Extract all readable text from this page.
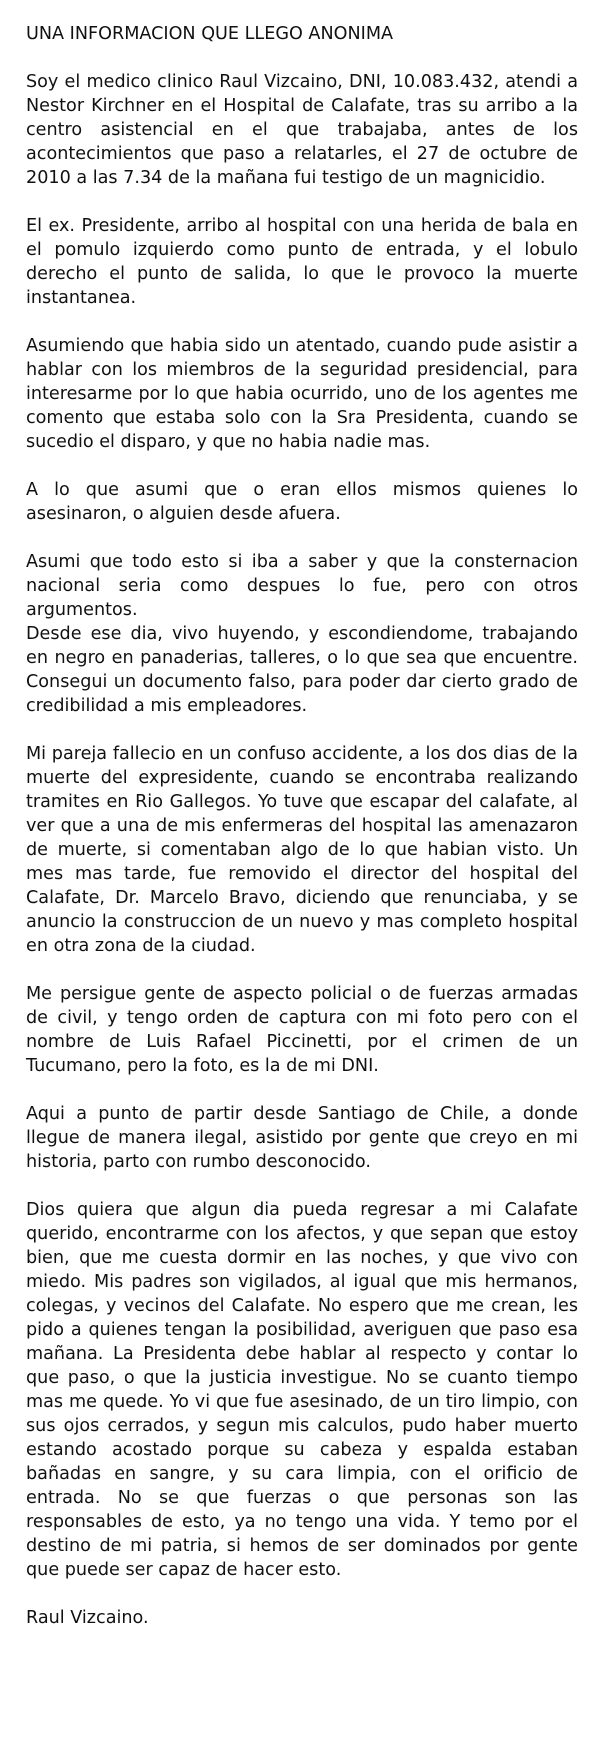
UNA INFORMACION QUE LLEGO ANONIMA

Soy el medico clinico Raul Vizcaino, DNI, 10.083.432, atendi a Nestor Kirchner en el Hospital de Calafate, tras su arribo a la centro asistencial en el que trabajaba, antes de los acontecimientos que paso a relatarles, el 27 de octubre de 2010 a las 7.34 de la mañana fui testigo de un magnicidio.

El ex. Presidente, arribo al hospital con una herida de bala en el pomulo izquierdo como punto de entrada, y el lobulo derecho el punto de salida, lo que le provoco la muerte instantanea.

Asumiendo que habia sido un atentado, cuando pude asistir a hablar con los miembros de la seguridad presidencial, para interesarme por lo que habia ocurrido, uno de los agentes me comento que estaba solo con la Sra Presidenta, cuando se sucedio el disparo, y que no habia nadie mas.

A lo que asumi que o eran ellos mismos quienes lo asesinaron, o alguien desde afuera.

Asumi que todo esto si iba a saber y que la consternacion nacional seria como despues lo fue, pero con otros argumentos.

Desde ese dia, vivo huyendo, y escondiendome, trabajando en negro en panaderias, talleres, o lo que sea que encuentre. Consegui un documento falso, para poder dar cierto grado de credibilidad a mis empleadores.

Mi pareja fallecio en un confuso accidente, a los dos dias de la muerte del expresidente, cuando se encontraba realizando tramites en Rio Gallegos. Yo tuve que escapar del calafate, al ver que a una de mis enfermeras del hospital las amenazaron de muerte, si comentaban algo de lo que habian visto. Un mes mas tarde, fue removido el director del hospital del Calafate, Dr. Marcelo Bravo, diciendo que renunciaba, y se anuncio la construccion de un nuevo y mas completo hospital en otra zona de la ciudad.

Me persigue gente de aspecto policial o de fuerzas armadas de civil, y tengo orden de captura con mi foto pero con el nombre de Luis Rafael Piccinetti, por el crimen de un Tucumano, pero la foto, es la de mi DNI.

Aqui a punto de partir desde Santiago de Chile, a donde llegue de manera ilegal, asistido por gente que creyo en mi historia, parto con rumbo desconocido.

Dios quiera que algun dia pueda regresar a mi Calafate querido, encontrarme con los afectos, y que sepan que estoy bien, que me cuesta dormir en las noches, y que vivo con miedo. Mis padres son vigilados, al igual que mis hermanos, colegas, y vecinos del Calafate. No espero que me crean, les pido a quienes tengan la posibilidad, averiguen que paso esa mañana. La Presidenta debe hablar al respecto y contar lo que paso, o que la justicia investigue. No se cuanto tiempo mas me quede. Yo vi que fue asesinado, de un tiro limpio, con sus ojos cerrados, y segun mis calculos, pudo haber muerto estando acostado porque su cabeza y espalda estaban bañadas en sangre, y su cara limpia, con el orificio de entrada. No se que fuerzas o que personas son las responsables de esto, ya no tengo una vida. Y temo por el destino de mi patria, si hemos de ser dominados por gente que puede ser capaz de hacer esto.

Raul Vizcaino.
